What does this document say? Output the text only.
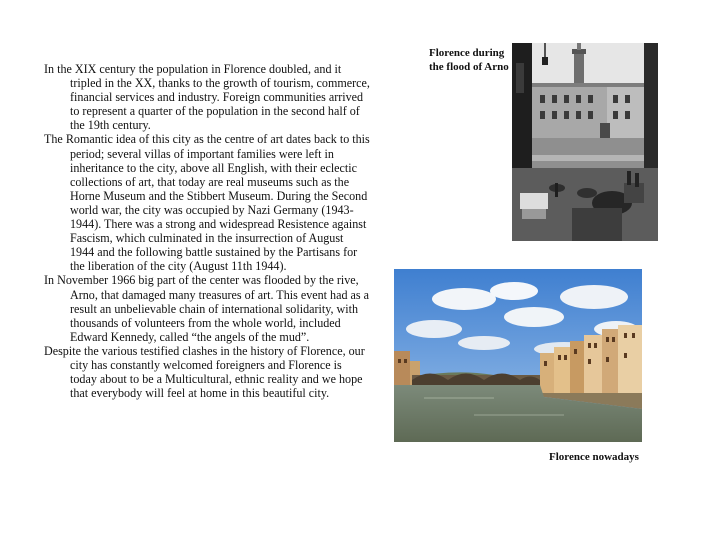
In the XIX century the population in Florence doubled, and it tripled in the XX, thanks to the growth of tourism, commerce, financial services and industry. Foreign communities arrived to represent a quarter of the population in the second half of the 19th century.

The Romantic idea of this city as the centre of art dates back to this period; several villas of important families were left in inheritance to the city, above all English, with their eclectic collections of art, that today are real museums such as the Horne Museum and the Stibbert Museum. During the Second world war, the city was occupied by Nazi Germany (1943-1944). There was a strong and widespread Resistence against Fascism, which culminated in the insurrection of August 1944 and the following battle sustained by the Partisans for the liberation of the city (August 11th 1944).

In November 1966 big part of the center was flooded by the rive, Arno, that damaged many treasures of art. This event had as a result an unbelievable chain of international solidarity, with thousands of volunteers from the whole world, included Edward Kennedy, called “the angels of the mud”.

Despite the various testified clashes in the history of Florence, our city has constantly welcomed foreigners and Florence is today about to be a Multicultural, ethnic reality and we hope that everybody will feel at home in this beautiful city.

Florence during the flood of Arno
Florence nowadays
